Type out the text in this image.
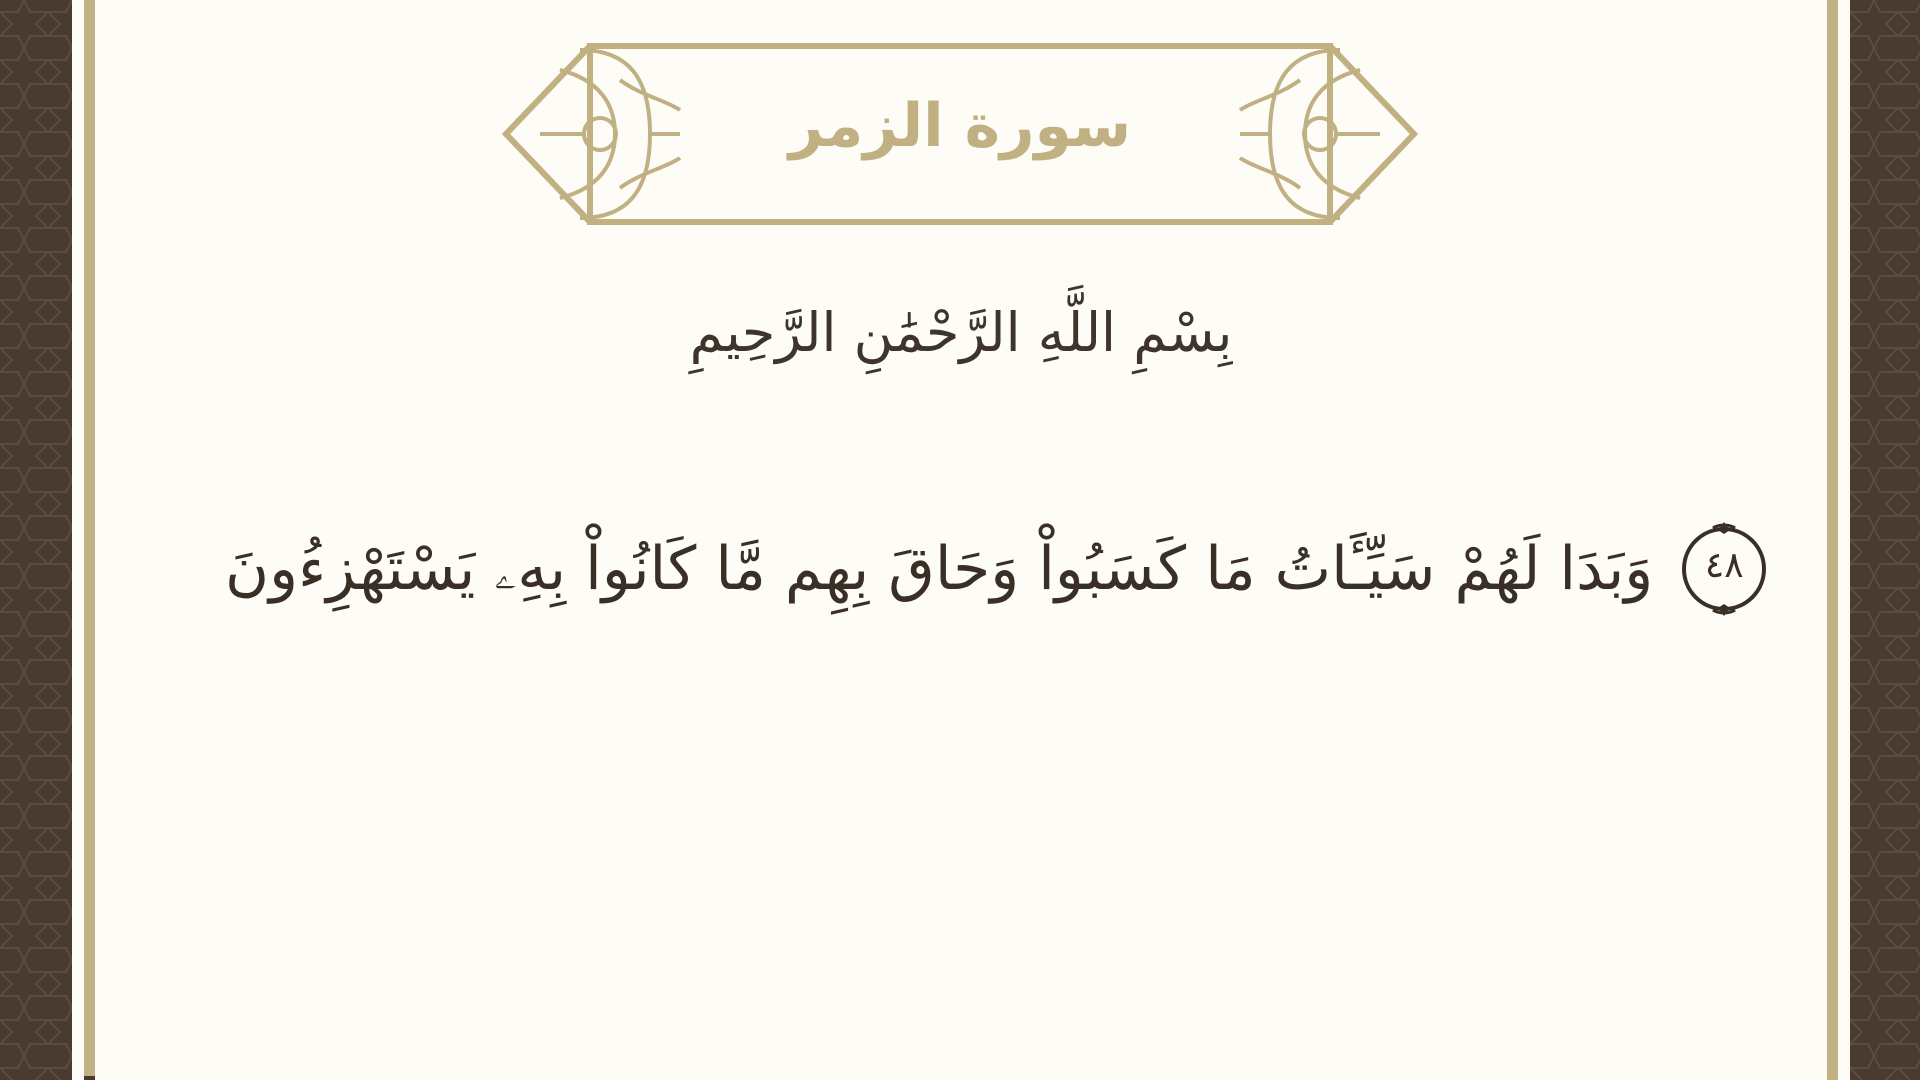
سورة الزمر
بِسْمِ اللَّهِ الرَّحْمَٰنِ الرَّحِيمِ
وَبَدَا لَهُمْ سَيِّـَٔاتُ مَا كَسَبُواْ وَحَاقَ بِهِم مَّا كَانُواْ بِهِۦ يَسْتَهْزِءُونَ	٤٨
